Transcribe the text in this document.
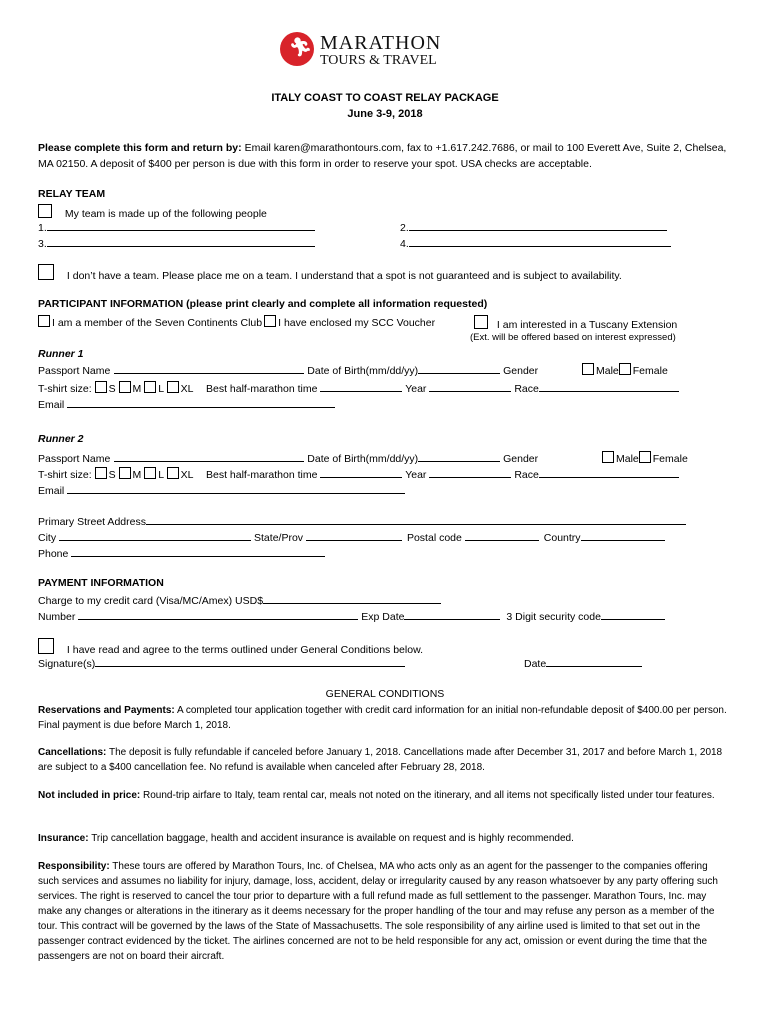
🏃︎ MARATHON
TOURS & TRAVEL
ITALY COAST TO COAST RELAY PACKAGE
June 3-9, 2018
Please complete this form and return by: Email karen@marathontours.com, fax to +1.617.242.7686, or mail to 100 Everett Ave, Suite 2, Chelsea, MA 02150. A deposit of $400 per person is due with this form in order to reserve your spot. USA checks are acceptable.
RELAY TEAM
My team is made up of the following people
1.	2.
3.	4.
I don’t have a team. Please place me on a team. I understand that a spot is not guaranteed and is subject to availability.
PARTICIPANT INFORMATION (please print clearly and complete all information requested)
I am a member of the Seven Continents Club I have enclosed my SCC Voucher	I am interested in a Tuscany Extension
(Ext. will be offered based on interest expressed)
Runner 1
Passport Name	Date of Birth(mm/dd/yy)	Gender	Male Female
T-shirt size: S M L XL Best half-marathon time	Year	Race
Email
Runner 2
Passport Name	Date of Birth(mm/dd/yy)	Gender	Male Female
T-shirt size: S M L XL Best half-marathon time	Year	Race
Email
Primary Street Address
City	State/Prov	Postal code	Country
Phone
PAYMENT INFORMATION
Charge to my credit card (Visa/MC/Amex) USD$
Number	Exp Date	3 Digit security code
I have read and agree to the terms outlined under General Conditions below.
Signature(s)	Date
GENERAL CONDITIONS
Reservations and Payments: A completed tour application together with credit card information for an initial non-refundable deposit of $400.00 per person. Final payment is due before March 1, 2018.
Cancellations: The deposit is fully refundable if canceled before January 1, 2018. Cancellations made after December 31, 2017 and before March 1, 2018 are subject to a $400 cancellation fee. No refund is available when canceled after February 28, 2018.
Not included in price: Round-trip airfare to Italy, team rental car, meals not noted on the itinerary, and all items not specifically listed under tour features.
Insurance: Trip cancellation baggage, health and accident insurance is available on request and is highly recommended.
Responsibility: These tours are offered by Marathon Tours, Inc. of Chelsea, MA who acts only as an agent for the passenger to the companies offering such services and assumes no liability for injury, damage, loss, accident, delay or irregularity caused by any reason whatsoever by any party offering such services. The right is reserved to cancel the tour prior to departure with a full refund made as full settlement to the passenger. Marathon Tours, Inc. may make any changes or alterations in the itinerary as it deems necessary for the proper handling of the tour and may refuse any person as a member of the tour. This contract will be governed by the laws of the State of Massachusetts. The sole responsibility of any airline used is limited to that set out in the passenger contract evidenced by the ticket. The airlines concerned are not to be held responsible for any act, omission or event during the time that the passengers are not on board their aircraft.
